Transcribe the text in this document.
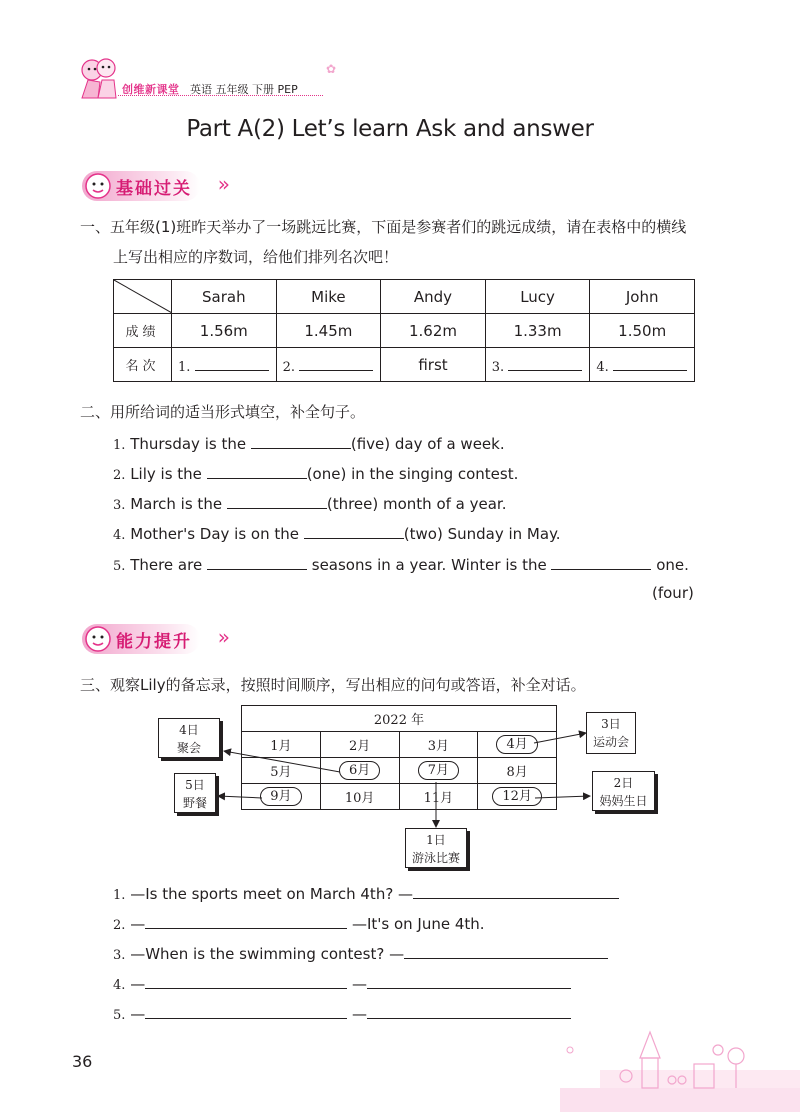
创维新课堂 英语 五年级 下册 PEP
✿
Part A(2) Let’s learn Ask and answer
基础过关 »
一、五年级(1)班昨天举办了一场跳远比赛，下面是参赛者们的跳远成绩，请在表格中的横线
上写出相应的序数词，给他们排列名次吧！
	Sarah	Mike	Andy	Lucy	John
成绩	1.56m	1.45m	1.62m	1.33m	1.50m
名次	1.	2.	first	3.	4.
二、用所给词的适当形式填空，补全句子。
1. Thursday is the	(five) day of a week.
2. Lily is the	(one) in the singing contest.
3. March is the	(three) month of a year.
4. Mother's Day is on the	(two) Sunday in May.
5. There are	seasons in a year. Winter is the	one.
(four)
能力提升 »
三、观察Lily的备忘录，按照时间顺序，写出相应的问句或答语，补全对话。
2022 年			
1月	2月	3月	4月
5月	6月	7月	8月
9月	10月	11月	12月
4日
聚会
3日
运动会
5日
野餐
2日
妈妈生日
1日
游泳比赛
1. —Is the sports meet on March 4th? —
2. —	—It's on June 4th.
3. —When is the swimming contest? —
4. —	—
5. —	—
36
